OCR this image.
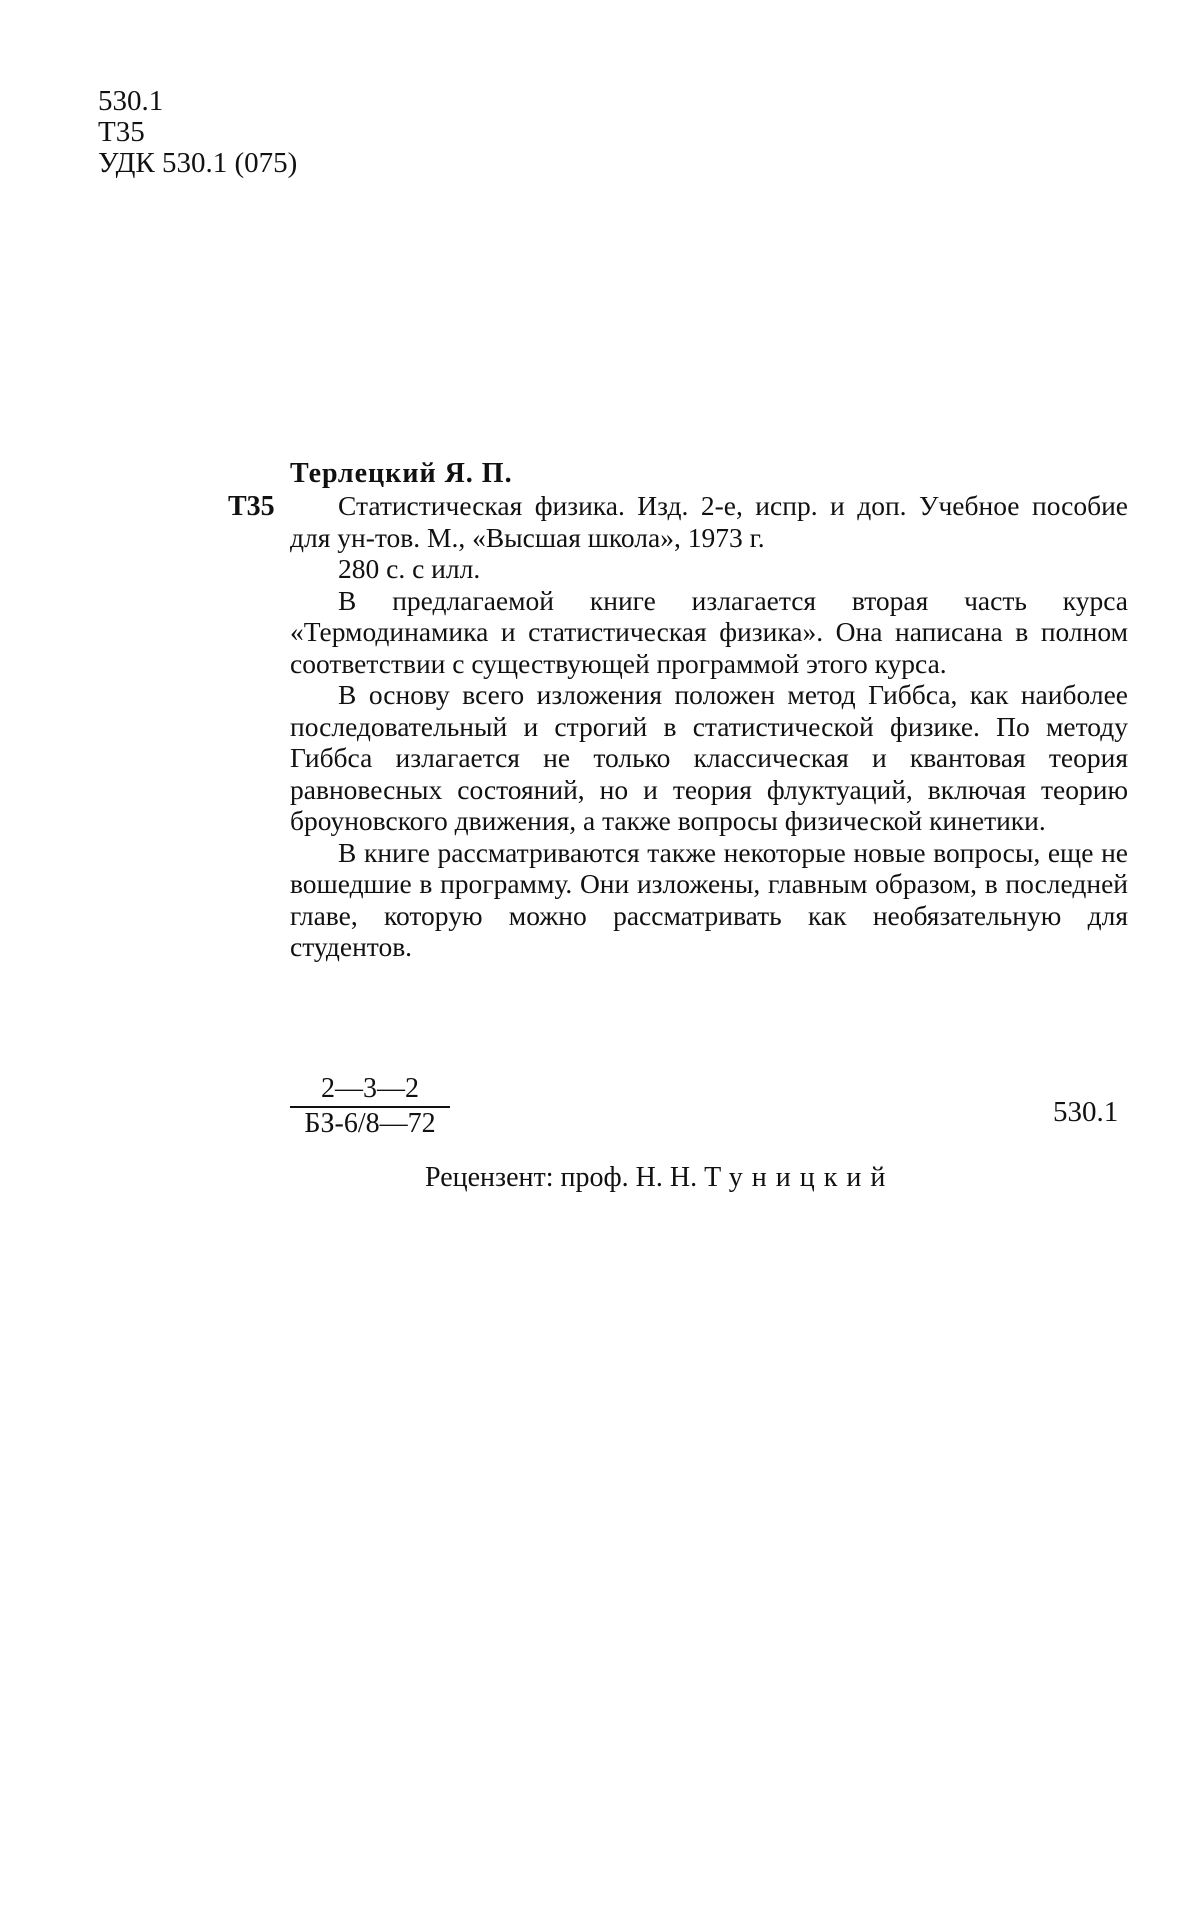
530.1
Т35
УДК 530.1 (075)
Терлецкий Я. П.
Т35	Статистическая физика. Изд. 2-е, испр. и доп. Учебное пособие для ун-тов. М., «Высшая школа», 1973 г.

280 с. с илл.

В предлагаемой книге излагается вторая часть курса «Термодинамика и статистическая физика». Она написана в полном соответствии с существующей программой этого курса.

В основу всего изложения положен метод Гиббса, как наиболее последовательный и строгий в статистической физике. По методу Гиббса излагается не только классическая и квантовая теория равновесных состояний, но и теория флуктуаций, включая теорию броуновского движения, а также вопросы физической кинетики.

В книге рассматриваются также некоторые новые вопросы, еще не вошедшие в программу. Они изложены, главным образом, в последней главе, которую можно рассматривать как необязательную для студентов.

2—3—2
БЗ-6/8—72	530.1
Рецензент: проф. Н. Н. Туницкий
